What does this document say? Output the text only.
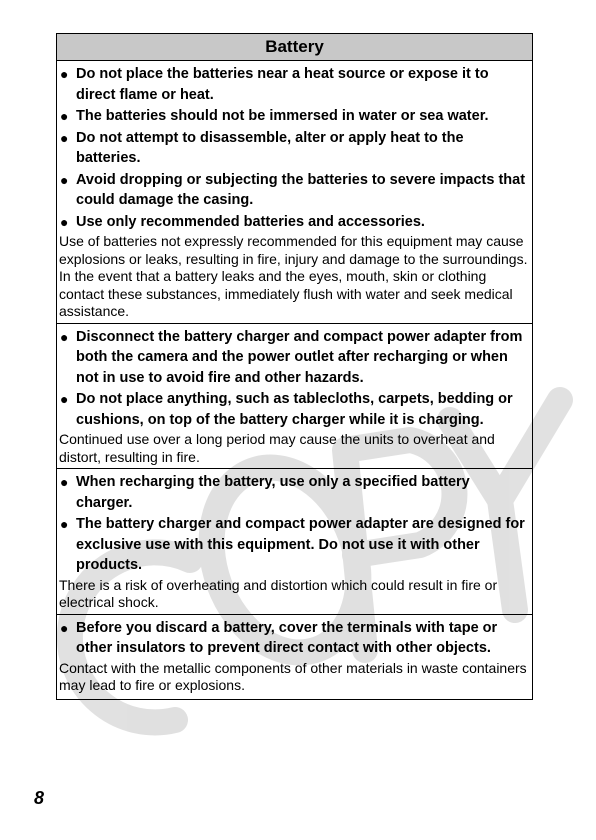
Battery
● Do not place the batteries near a heat source or expose it to direct flame or heat.
● The batteries should not be immersed in water or sea water.
● Do not attempt to disassemble, alter or apply heat to the batteries.
● Avoid dropping or subjecting the batteries to severe impacts that could damage the casing.
● Use only recommended batteries and accessories.
Use of batteries not expressly recommended for this equipment may cause explosions or leaks, resulting in fire, injury and damage to the surroundings. In the event that a battery leaks and the eyes, mouth, skin or clothing contact these substances, immediately flush with water and seek medical assistance.
● Disconnect the battery charger and compact power adapter from both the camera and the power outlet after recharging or when not in use to avoid fire and other hazards.
● Do not place anything, such as tablecloths, carpets, bedding or cushions, on top of the battery charger while it is charging.
Continued use over a long period may cause the units to overheat and distort, resulting in fire.
● When recharging the battery, use only a specified battery charger.
● The battery charger and compact power adapter are designed for exclusive use with this equipment. Do not use it with other products.
There is a risk of overheating and distortion which could result in fire or electrical shock.
● Before you discard a battery, cover the terminals with tape or other insulators to prevent direct contact with other objects.
Contact with the metallic components of other materials in waste containers may lead to fire or explosions.
8
